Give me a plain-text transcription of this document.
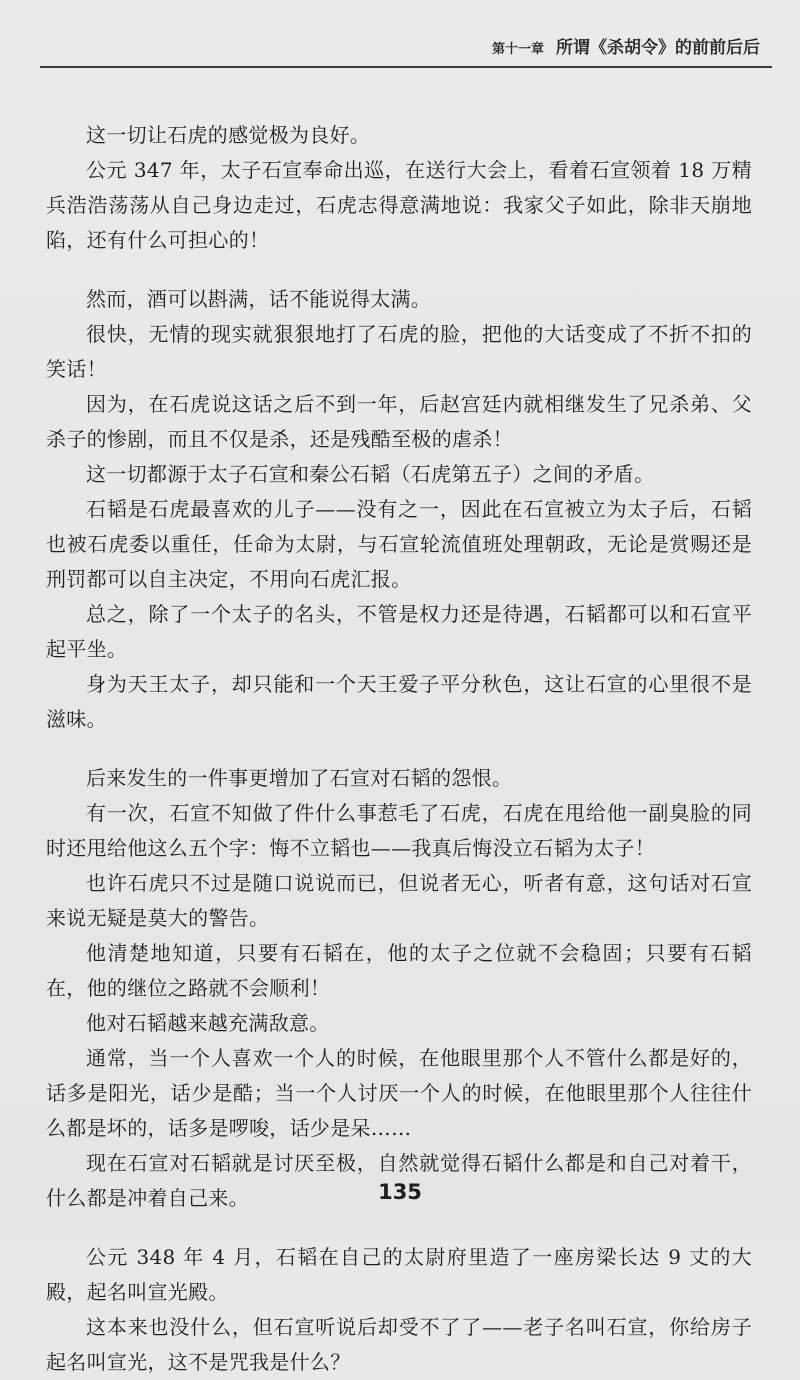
第十一章 所谓《杀胡令》的前前后后

这一切让石虎的感觉极为良好。

公元 347 年，太子石宣奉命出巡，在送行大会上，看着石宣领着 18 万精兵浩浩荡荡从自己身边走过，石虎志得意满地说：我家父子如此，除非天崩地陷，还有什么可担心的！

然而，酒可以斟满，话不能说得太满。

很快，无情的现实就狠狠地打了石虎的脸，把他的大话变成了不折不扣的笑话！

因为，在石虎说这话之后不到一年，后赵宫廷内就相继发生了兄杀弟、父杀子的惨剧，而且不仅是杀，还是残酷至极的虐杀！

这一切都源于太子石宣和秦公石韬（石虎第五子）之间的矛盾。

石韬是石虎最喜欢的儿子——没有之一，因此在石宣被立为太子后，石韬也被石虎委以重任，任命为太尉，与石宣轮流值班处理朝政，无论是赏赐还是刑罚都可以自主决定，不用向石虎汇报。

总之，除了一个太子的名头，不管是权力还是待遇，石韬都可以和石宣平起平坐。

身为天王太子，却只能和一个天王爱子平分秋色，这让石宣的心里很不是滋味。

后来发生的一件事更增加了石宣对石韬的怨恨。

有一次，石宣不知做了件什么事惹毛了石虎，石虎在甩给他一副臭脸的同时还甩给他这么五个字：悔不立韬也——我真后悔没立石韬为太子！

也许石虎只不过是随口说说而已，但说者无心，听者有意，这句话对石宣来说无疑是莫大的警告。

他清楚地知道，只要有石韬在，他的太子之位就不会稳固；只要有石韬在，他的继位之路就不会顺利！

他对石韬越来越充满敌意。

通常，当一个人喜欢一个人的时候，在他眼里那个人不管什么都是好的，话多是阳光，话少是酷；当一个人讨厌一个人的时候，在他眼里那个人往往什么都是坏的，话多是啰唆，话少是呆……

现在石宣对石韬就是讨厌至极，自然就觉得石韬什么都是和自己对着干，什么都是冲着自己来。

公元 348 年 4 月，石韬在自己的太尉府里造了一座房梁长达 9 丈的大殿，起名叫宣光殿。

这本来也没什么，但石宣听说后却受不了了——老子名叫石宣，你给房子起名叫宣光，这不是咒我是什么？

135
